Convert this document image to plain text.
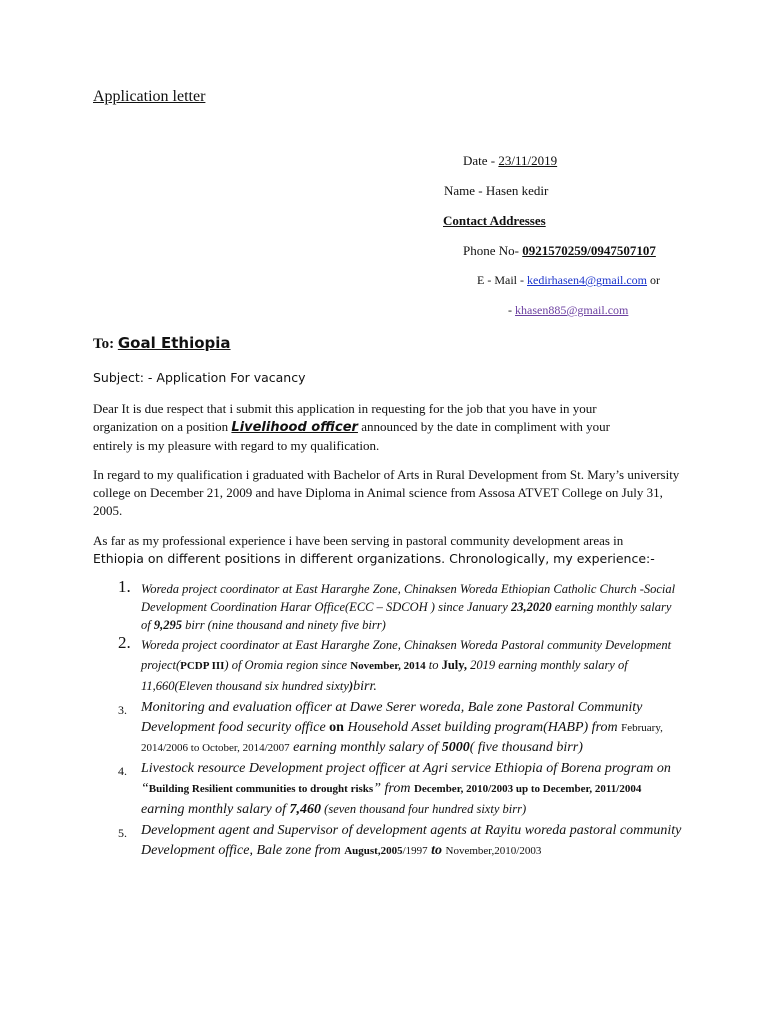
Application letter
Date - 23/11/2019
Name - Hasen kedir
Contact Addresses
Phone No- 0921570259/0947507107
E - Mail - kedirhasen4@gmail.com or
- khasen885@gmail.com
To: Goal Ethiopia
Subject: - Application For vacancy
Dear It is due respect that i submit this application in requesting for the job that you have in your
organization on a position Livelihood officer announced by the date in compliment with your
entirely is my pleasure with regard to my qualification.
In regard to my qualification i graduated with Bachelor of Arts in Rural Development from St. Mary’s university college on December 21, 2009 and have Diploma in Animal science from Assosa ATVET College on July 31, 2005.
As far as my professional experience i have been serving in pastoral community development areas in
Ethiopia on different positions in different organizations. Chronologically, my experience:-
1. Woreda project coordinator at East Hararghe Zone, Chinaksen Woreda Ethiopian Catholic Church -Social Development Coordination Harar Office(ECC – SDCOH ) since January 23,2020 earning monthly salary of 9,295 birr (nine thousand and ninety five birr)
2. Woreda project coordinator at East Hararghe Zone, Chinaksen Woreda Pastoral community Development project(PCDP III) of Oromia region since November, 2014 to July, 2019 earning monthly salary of 11,660(Eleven thousand six hundred sixty)birr.
3. Monitoring and evaluation officer at Dawe Serer woreda, Bale zone Pastoral Community Development food security office on Household Asset building program(HABP) from February, 2014/2006 to October, 2014/2007 earning monthly salary of 5000( five thousand birr)
4. Livestock resource Development project officer at Agri service Ethiopia of Borena program on “Building Resilient communities to drought risks” from December, 2010/2003 up to December, 2011/2004 earning monthly salary of 7,460 (seven thousand four hundred sixty birr)
5. Development agent and Supervisor of development agents at Rayitu woreda pastoral community Development office, Bale zone from August,2005/1997 to November,2010/2003
